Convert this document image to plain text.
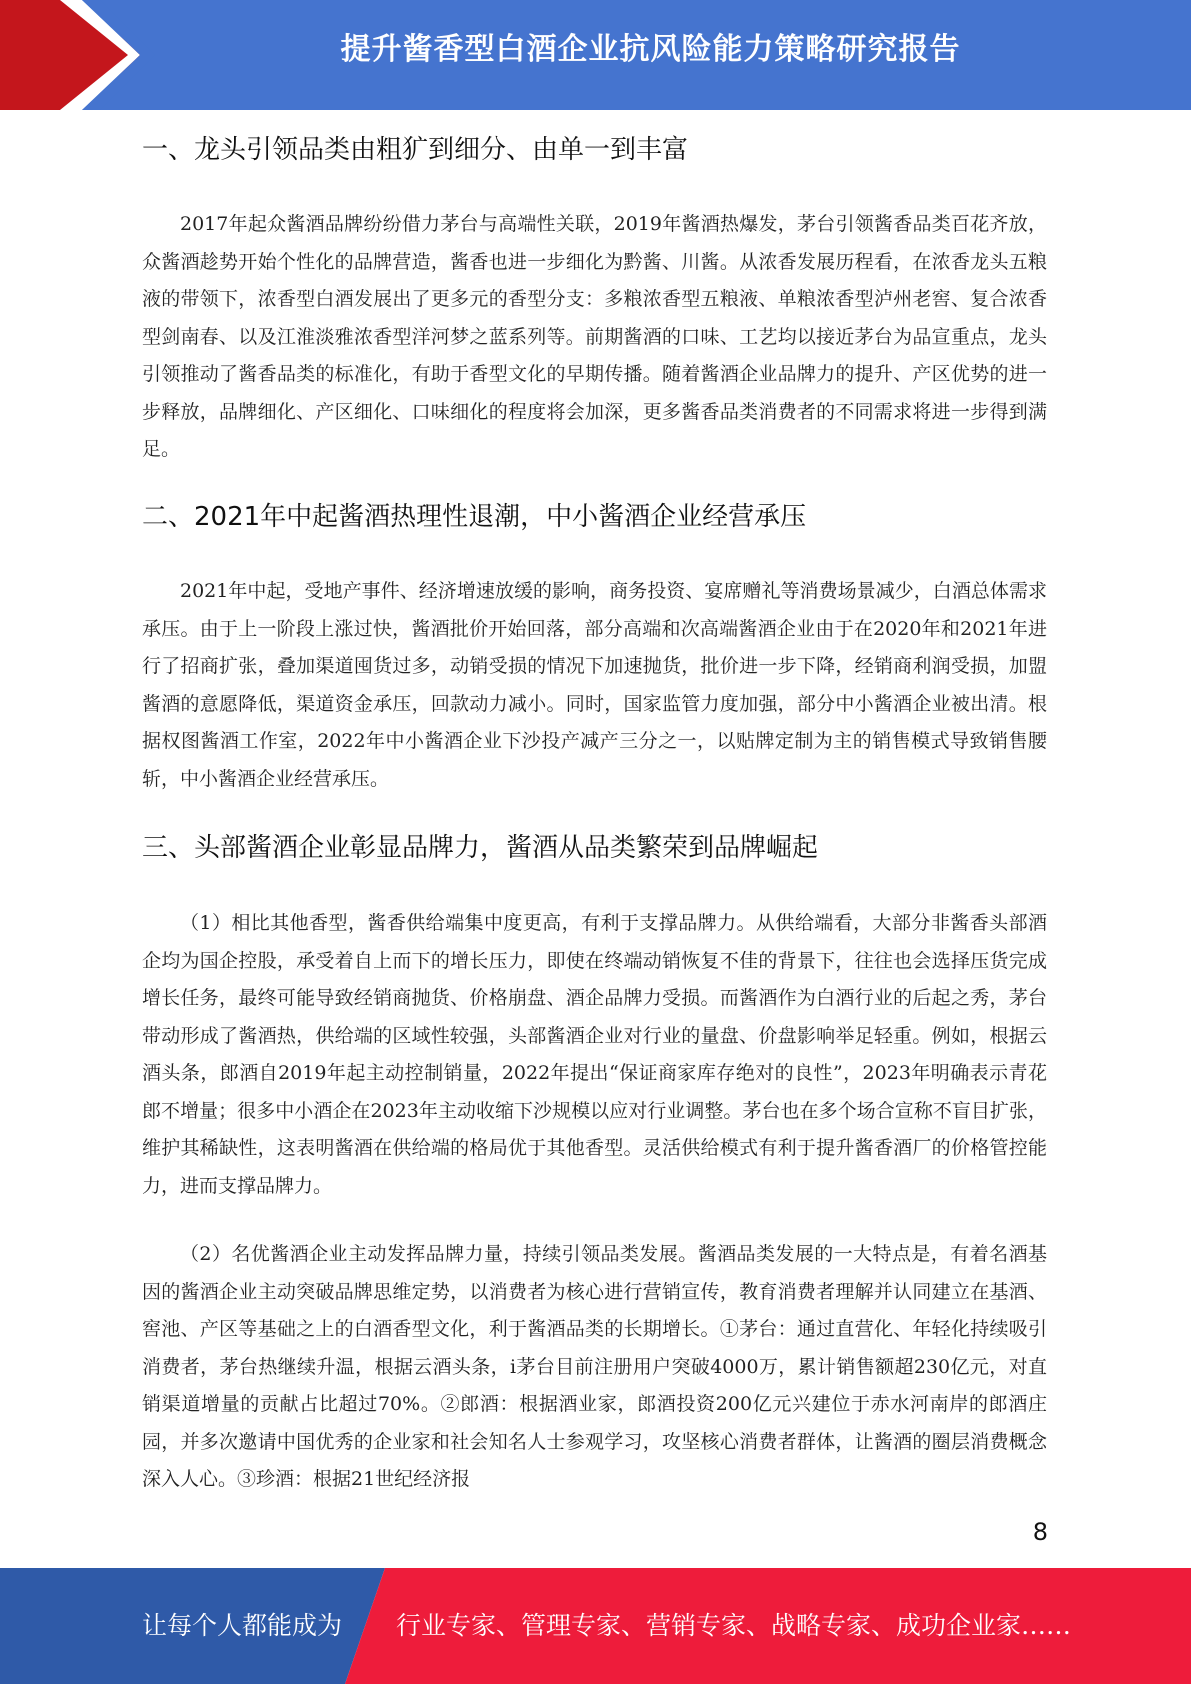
提升酱香型白酒企业抗风险能力策略研究报告
一、龙头引领品类由粗犷到细分、由单一到丰富

2017年起众酱酒品牌纷纷借力茅台与高端性关联，2019年酱酒热爆发，茅台引领酱香品类百花齐放，众酱酒趁势开始个性化的品牌营造，酱香也进一步细化为黔酱、川酱。从浓香发展历程看，在浓香龙头五粮液的带领下，浓香型白酒发展出了更多元的香型分支：多粮浓香型五粮液、单粮浓香型泸州老窖、复合浓香型剑南春、以及江淮淡雅浓香型洋河梦之蓝系列等。前期酱酒的口味、工艺均以接近茅台为品宣重点，龙头引领推动了酱香品类的标准化，有助于香型文化的早期传播。随着酱酒企业品牌力的提升、产区优势的进一步释放，品牌细化、产区细化、口味细化的程度将会加深，更多酱香品类消费者的不同需求将进一步得到满足。

二、2021年中起酱酒热理性退潮，中小酱酒企业经营承压

2021年中起，受地产事件、经济增速放缓的影响，商务投资、宴席赠礼等消费场景减少，白酒总体需求承压。由于上一阶段上涨过快，酱酒批价开始回落，部分高端和次高端酱酒企业由于在2020年和2021年进行了招商扩张，叠加渠道囤货过多，动销受损的情况下加速抛货，批价进一步下降，经销商利润受损，加盟酱酒的意愿降低，渠道资金承压，回款动力减小。同时，国家监管力度加强，部分中小酱酒企业被出清。根据权图酱酒工作室，2022年中小酱酒企业下沙投产减产三分之一，以贴牌定制为主的销售模式导致销售腰斩，中小酱酒企业经营承压。

三、头部酱酒企业彰显品牌力，酱酒从品类繁荣到品牌崛起

（1）相比其他香型，酱香供给端集中度更高，有利于支撑品牌力。从供给端看，大部分非酱香头部酒企均为国企控股，承受着自上而下的增长压力，即使在终端动销恢复不佳的背景下，往往也会选择压货完成增长任务，最终可能导致经销商抛货、价格崩盘、酒企品牌力受损。而酱酒作为白酒行业的后起之秀，茅台带动形成了酱酒热，供给端的区域性较强，头部酱酒企业对行业的量盘、价盘影响举足轻重。例如，根据云酒头条，郎酒自2019年起主动控制销量，2022年提出“保证商家库存绝对的良性”，2023年明确表示青花郎不增量；很多中小酒企在2023年主动收缩下沙规模以应对行业调整。茅台也在多个场合宣称不盲目扩张，维护其稀缺性，这表明酱酒在供给端的格局优于其他香型。灵活供给模式有利于提升酱香酒厂的价格管控能力，进而支撑品牌力。

（2）名优酱酒企业主动发挥品牌力量，持续引领品类发展。酱酒品类发展的一大特点是，有着名酒基因的酱酒企业主动突破品牌思维定势，以消费者为核心进行营销宣传，教育消费者理解并认同建立在基酒、窖池、产区等基础之上的白酒香型文化，利于酱酒品类的长期增长。①茅台：通过直营化、年轻化持续吸引消费者，茅台热继续升温，根据云酒头条，i茅台目前注册用户突破4000万，累计销售额超230亿元，对直销渠道增量的贡献占比超过70%。②郎酒：根据酒业家，郎酒投资200亿元兴建位于赤水河南岸的郎酒庄园，并多次邀请中国优秀的企业家和社会知名人士参观学习，攻坚核心消费者群体，让酱酒的圈层消费概念深入人心。③珍酒：根据21世纪经济报

8
让每个人都能成为 行业专家、管理专家、营销专家、战略专家、成功企业家……
